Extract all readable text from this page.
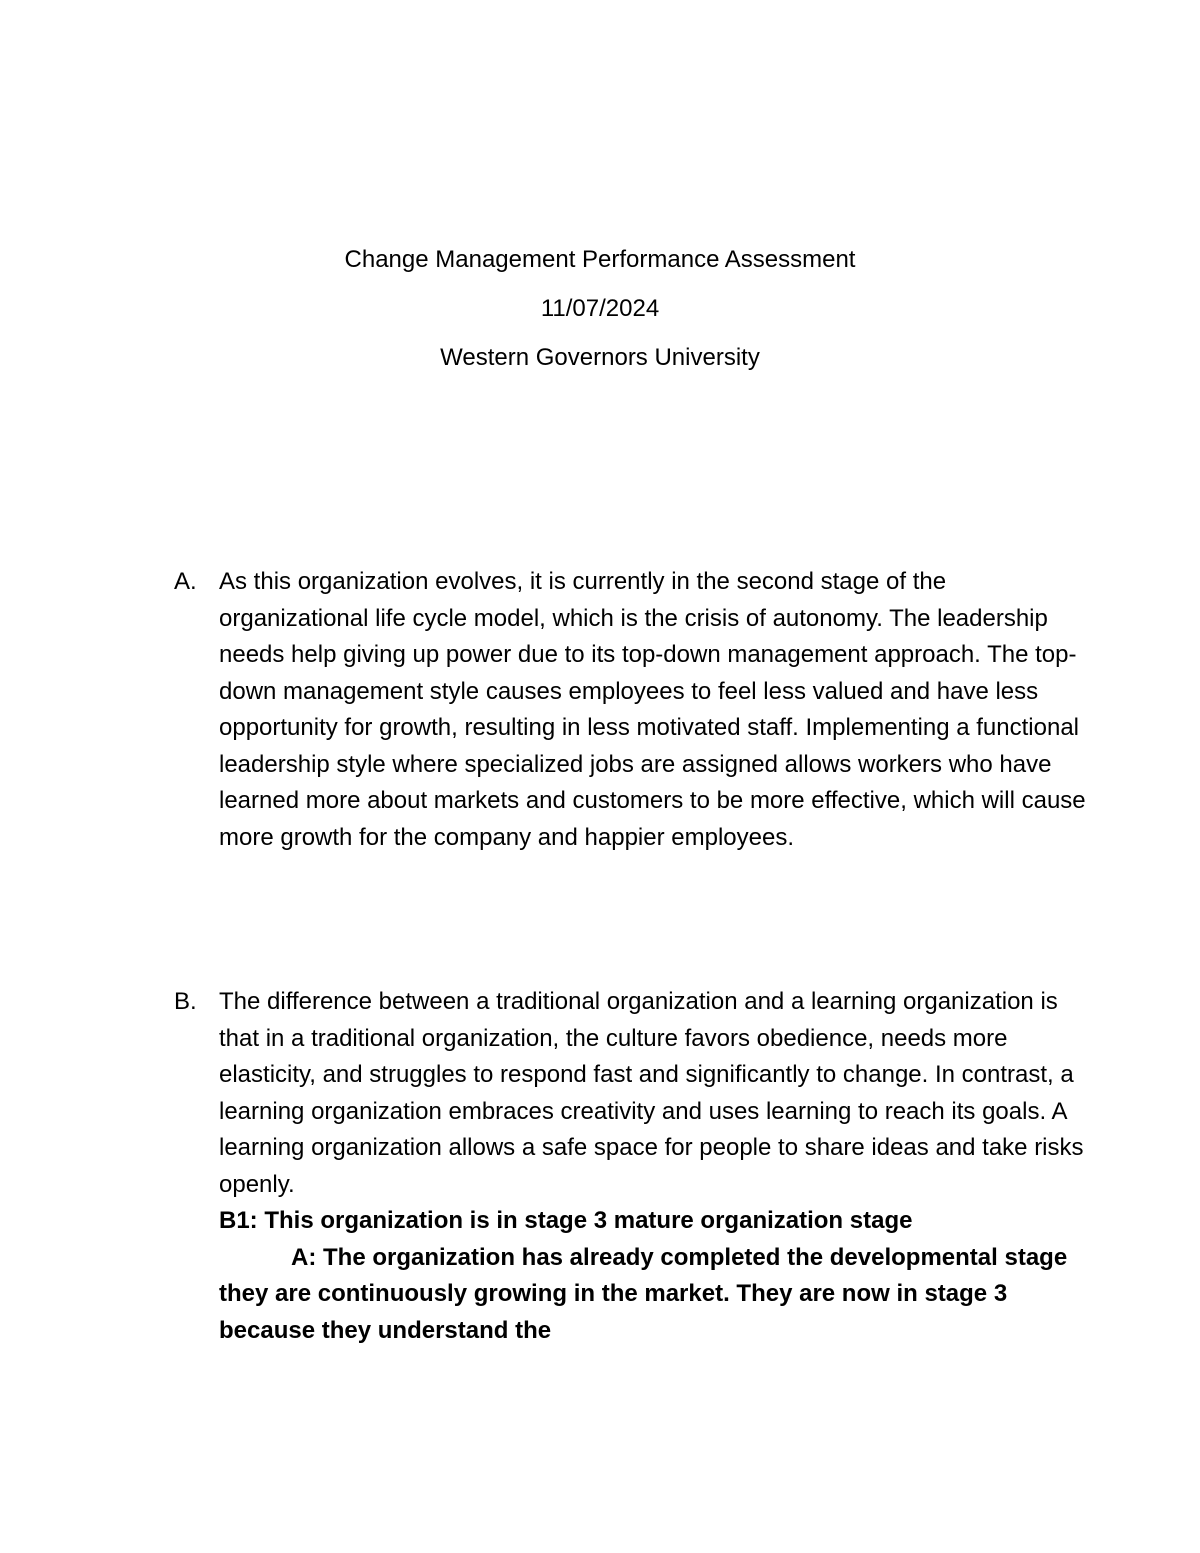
Change Management Performance Assessment
11/07/2024
Western Governors University
A. As this organization evolves, it is currently in the second stage of the organizational life cycle model, which is the crisis of autonomy. The leadership needs help giving up power due to its top-down management approach. The top-down management style causes employees to feel less valued and have less opportunity for growth, resulting in less motivated staff. Implementing a functional leadership style where specialized jobs are assigned allows workers who have learned more about markets and customers to be more effective, which will cause more growth for the company and happier employees.

B. The difference between a traditional organization and a learning organization is that in a traditional organization, the culture favors obedience, needs more elasticity, and struggles to respond fast and significantly to change. In contrast, a learning organization embraces creativity and uses learning to reach its goals. A learning organization allows a safe space for people to share ideas and take risks openly.

B1: This organization is in stage 3 mature organization stage

A: The organization has already completed the developmental stage they are continuously growing in the market. They are now in stage 3 because they understand the
